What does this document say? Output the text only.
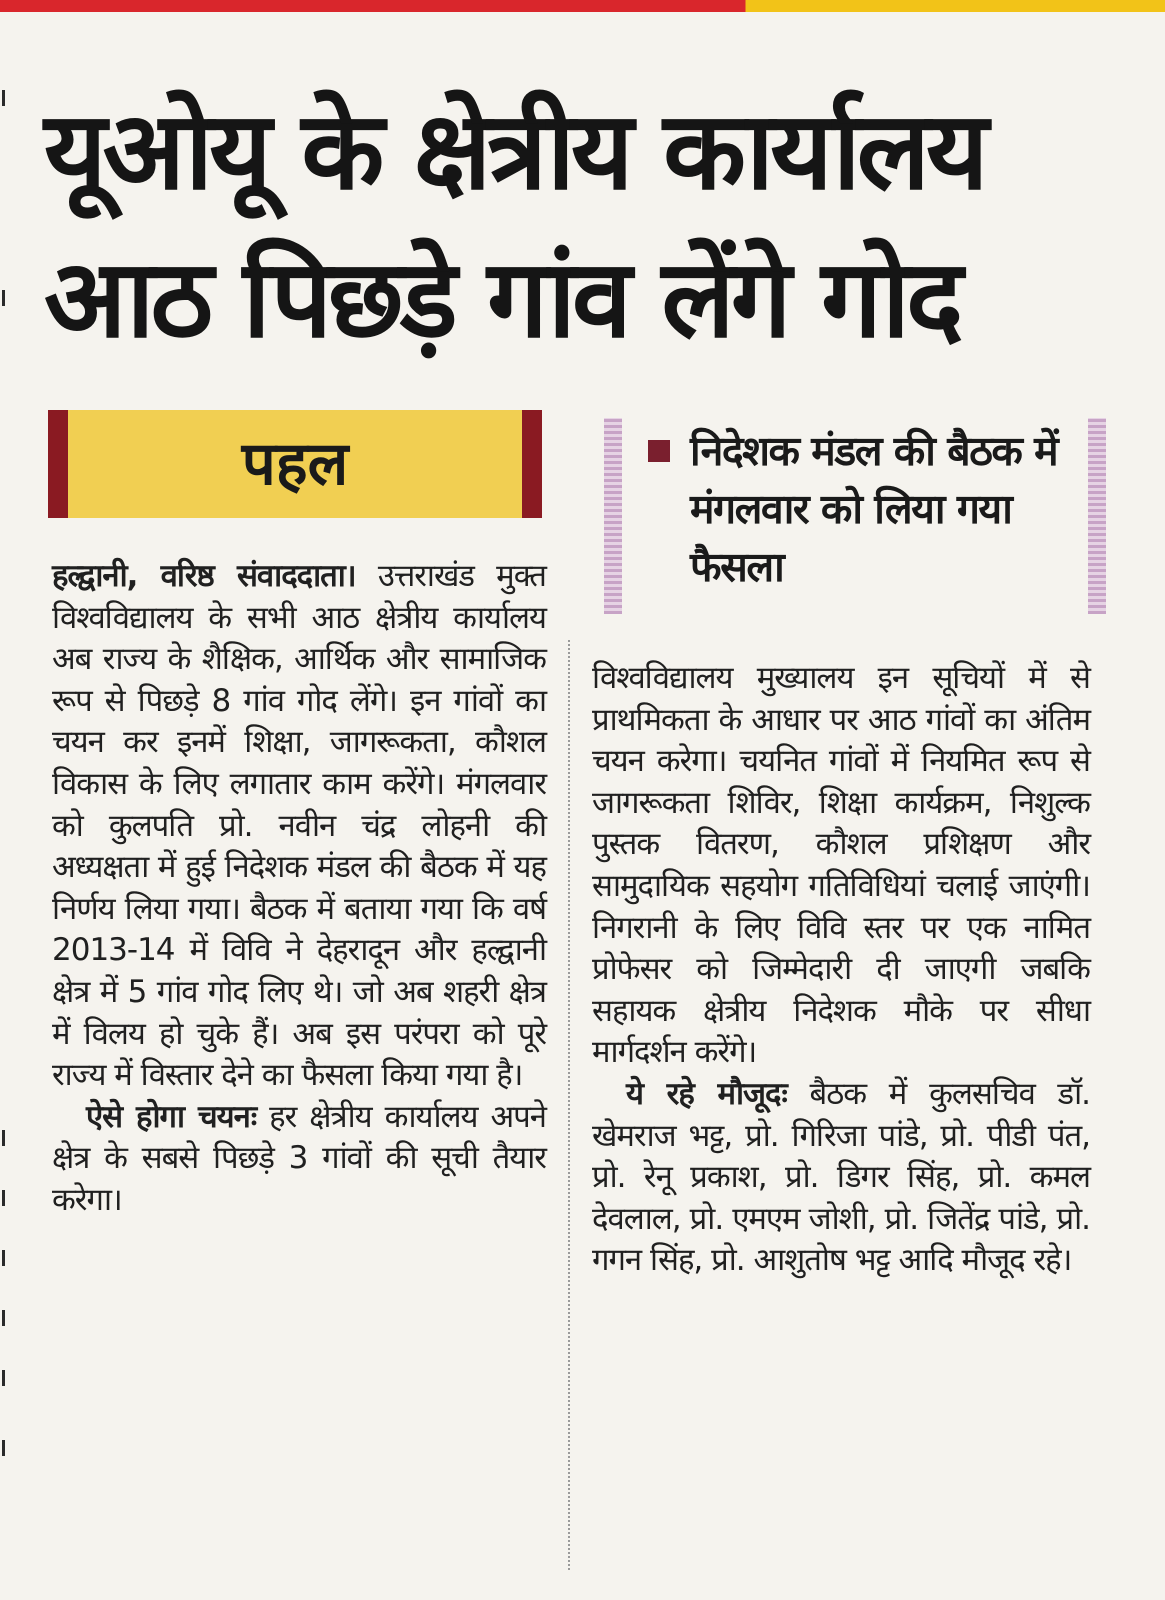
यूओयू के क्षेत्रीय कार्यालय
आठ पिछड़े गांव लेंगे गोद
पहल	निदेशक मंडल की बैठक में मंगलवार को लिया गया फैसला

हल्द्वानी, वरिष्ठ संवाददाता। उत्तराखंड मुक्त विश्वविद्यालय के सभी आठ क्षेत्रीय कार्यालय अब राज्य के शैक्षिक, आर्थिक और सामाजिक रूप से पिछड़े 8 गांव गोद लेंगे। इन गांवों का चयन कर इनमें शिक्षा, जागरूकता, कौशल विकास के लिए लगातार काम करेंगे। मंगलवार को कुलपति प्रो. नवीन चंद्र लोहनी की अध्यक्षता में हुई निदेशक मंडल की बैठक में यह निर्णय लिया गया। बैठक में बताया गया कि वर्ष 2013-14 में विवि ने देहरादून और हल्द्वानी क्षेत्र में 5 गांव गोद लिए थे। जो अब शहरी क्षेत्र में विलय हो चुके हैं। अब इस परंपरा को पूरे राज्य में विस्तार देने का फैसला किया गया है।

ऐसे होगा चयनः हर क्षेत्रीय कार्यालय अपने क्षेत्र के सबसे पिछड़े 3 गांवों की सूची तैयार करेगा।

विश्वविद्यालय मुख्यालय इन सूचियों में से प्राथमिकता के आधार पर आठ गांवों का अंतिम चयन करेगा। चयनित गांवों में नियमित रूप से जागरूकता शिविर, शिक्षा कार्यक्रम, निशुल्क पुस्तक वितरण, कौशल प्रशिक्षण और सामुदायिक सहयोग गतिविधियां चलाई जाएंगी। निगरानी के लिए विवि स्तर पर एक नामित प्रोफेसर को जिम्मेदारी दी जाएगी जबकि सहायक क्षेत्रीय निदेशक मौके पर सीधा मार्गदर्शन करेंगे।

ये रहे मौजूदः बैठक में कुलसचिव डॉ. खेमराज भट्ट, प्रो. गिरिजा पांडे, प्रो. पीडी पंत, प्रो. रेनू प्रकाश, प्रो. डिगर सिंह, प्रो. कमल देवलाल, प्रो. एमएम जोशी, प्रो. जितेंद्र पांडे, प्रो. गगन सिंह, प्रो. आशुतोष भट्ट आदि मौजूद रहे।
